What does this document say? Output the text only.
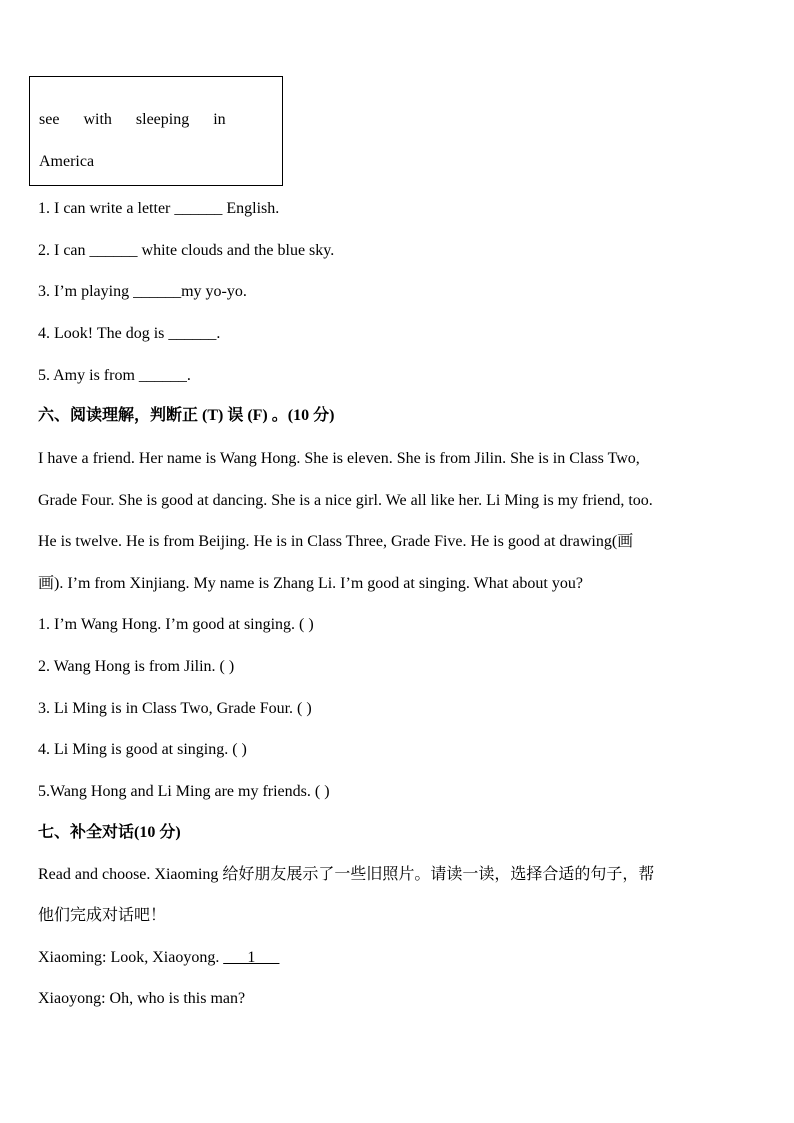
see with sleeping in
America
1. I can write a letter ______ English.
2. I can ______ white clouds and the blue sky.
3. I’m playing ______my yo-yo.
4. Look! The dog is ______.
5. Amy is from ______.
六、阅读理解，判断正 (T) 误 (F) 。(10 分)
I have a friend. Her name is Wang Hong. She is eleven. She is from Jilin. She is in Class Two,
Grade Four. She is good at dancing. She is a nice girl. We all like her. Li Ming is my friend, too.
He is twelve. He is from Beijing. He is in Class Three, Grade Five. He is good at drawing(画
画). I’m from Xinjiang. My name is Zhang Li. I’m good at singing. What about you?
1. I’m Wang Hong. I’m good at singing. ( )
2. Wang Hong is from Jilin. ( )
3. Li Ming is in Class Two, Grade Four. ( )
4. Li Ming is good at singing. ( )
5.Wang Hong and Li Ming are my friends. ( )
七、补全对话(10 分)
Read and choose. Xiaoming 给好朋友展示了一些旧照片。请读一读，选择合适的句子，帮
他们完成对话吧！
Xiaoming: Look, Xiaoyong. ___1___
Xiaoyong: Oh, who is this man?
